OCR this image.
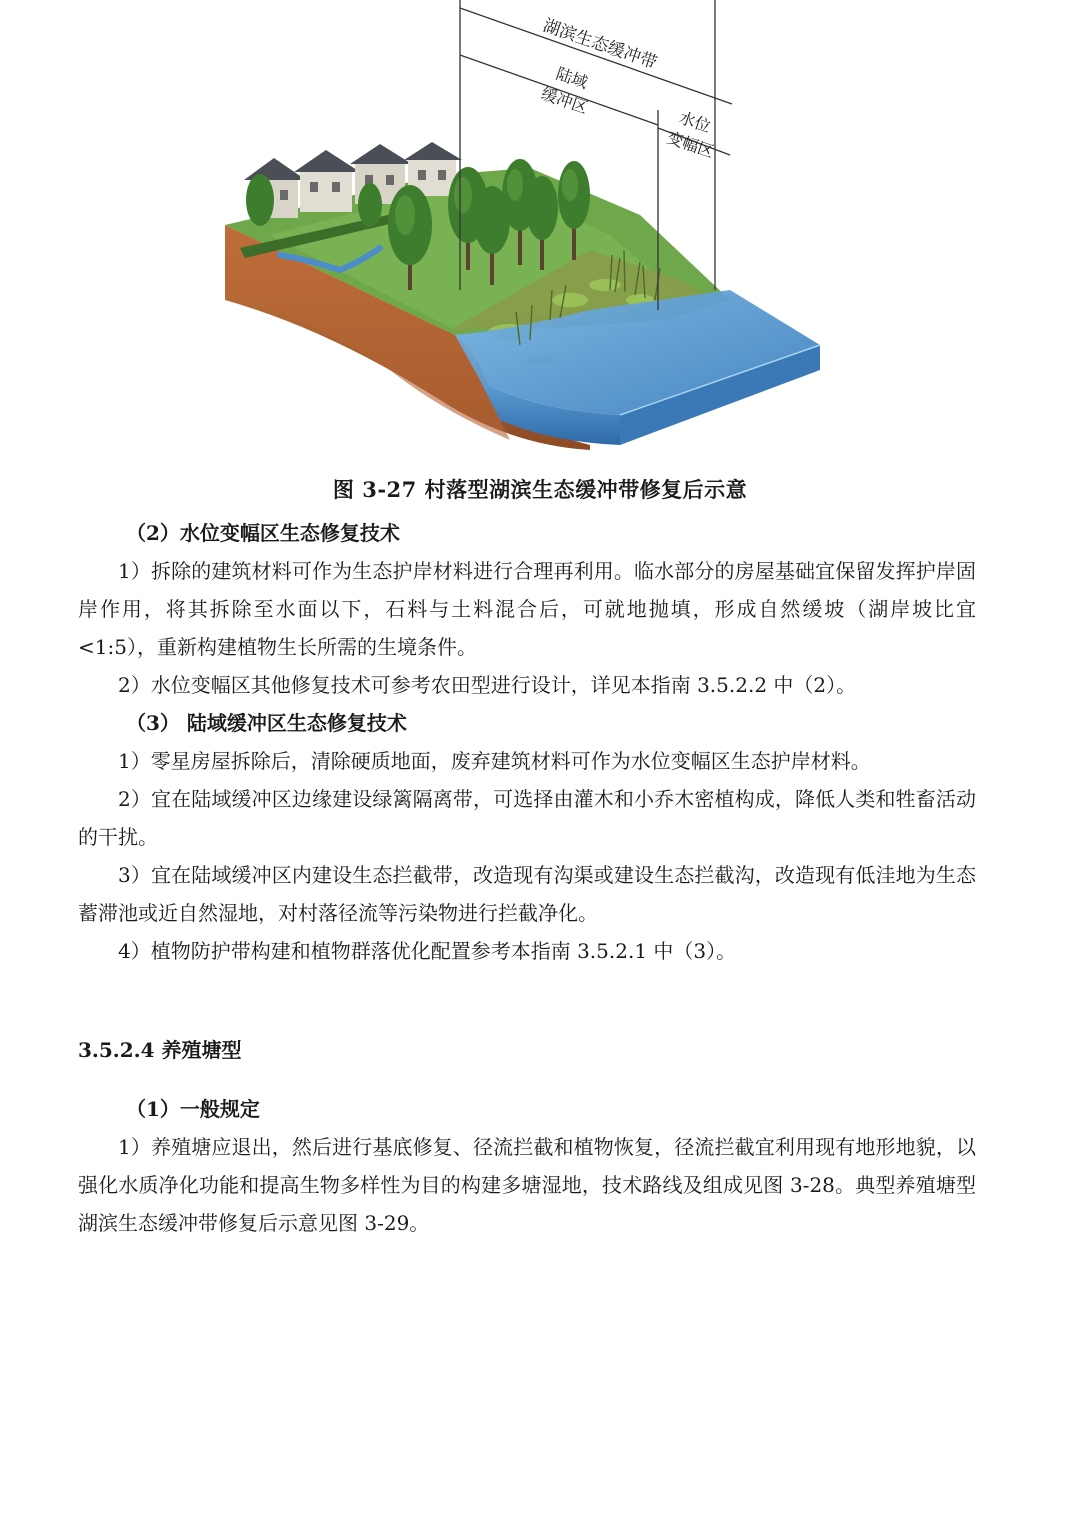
湖滨生态缓冲带
陆域
缓冲区
水位
变幅区
图 3-27 村落型湖滨生态缓冲带修复后示意
（2）水位变幅区生态修复技术
1）拆除的建筑材料可作为生态护岸材料进行合理再利用。临水部分的房屋基础宜保留发挥护岸固岸作用，将其拆除至水面以下，石料与土料混合后，可就地抛填，形成自然缓坡（湖岸坡比宜<1:5），重新构建植物生长所需的生境条件。
2）水位变幅区其他修复技术可参考农田型进行设计，详见本指南 3.5.2.2 中（2）。
（3） 陆域缓冲区生态修复技术
1）零星房屋拆除后，清除硬质地面，废弃建筑材料可作为水位变幅区生态护岸材料。
2）宜在陆域缓冲区边缘建设绿篱隔离带，可选择由灌木和小乔木密植构成，降低人类和牲畜活动的干扰。
3）宜在陆域缓冲区内建设生态拦截带，改造现有沟渠或建设生态拦截沟，改造现有低洼地为生态蓄滞池或近自然湿地，对村落径流等污染物进行拦截净化。
4）植物防护带构建和植物群落优化配置参考本指南 3.5.2.1 中（3）。
3.5.2.4 养殖塘型
（1）一般规定
1）养殖塘应退出，然后进行基底修复、径流拦截和植物恢复，径流拦截宜利用现有地形地貌，以强化水质净化功能和提高生物多样性为目的构建多塘湿地，技术路线及组成见图 3-28。典型养殖塘型湖滨生态缓冲带修复后示意见图 3-29。
